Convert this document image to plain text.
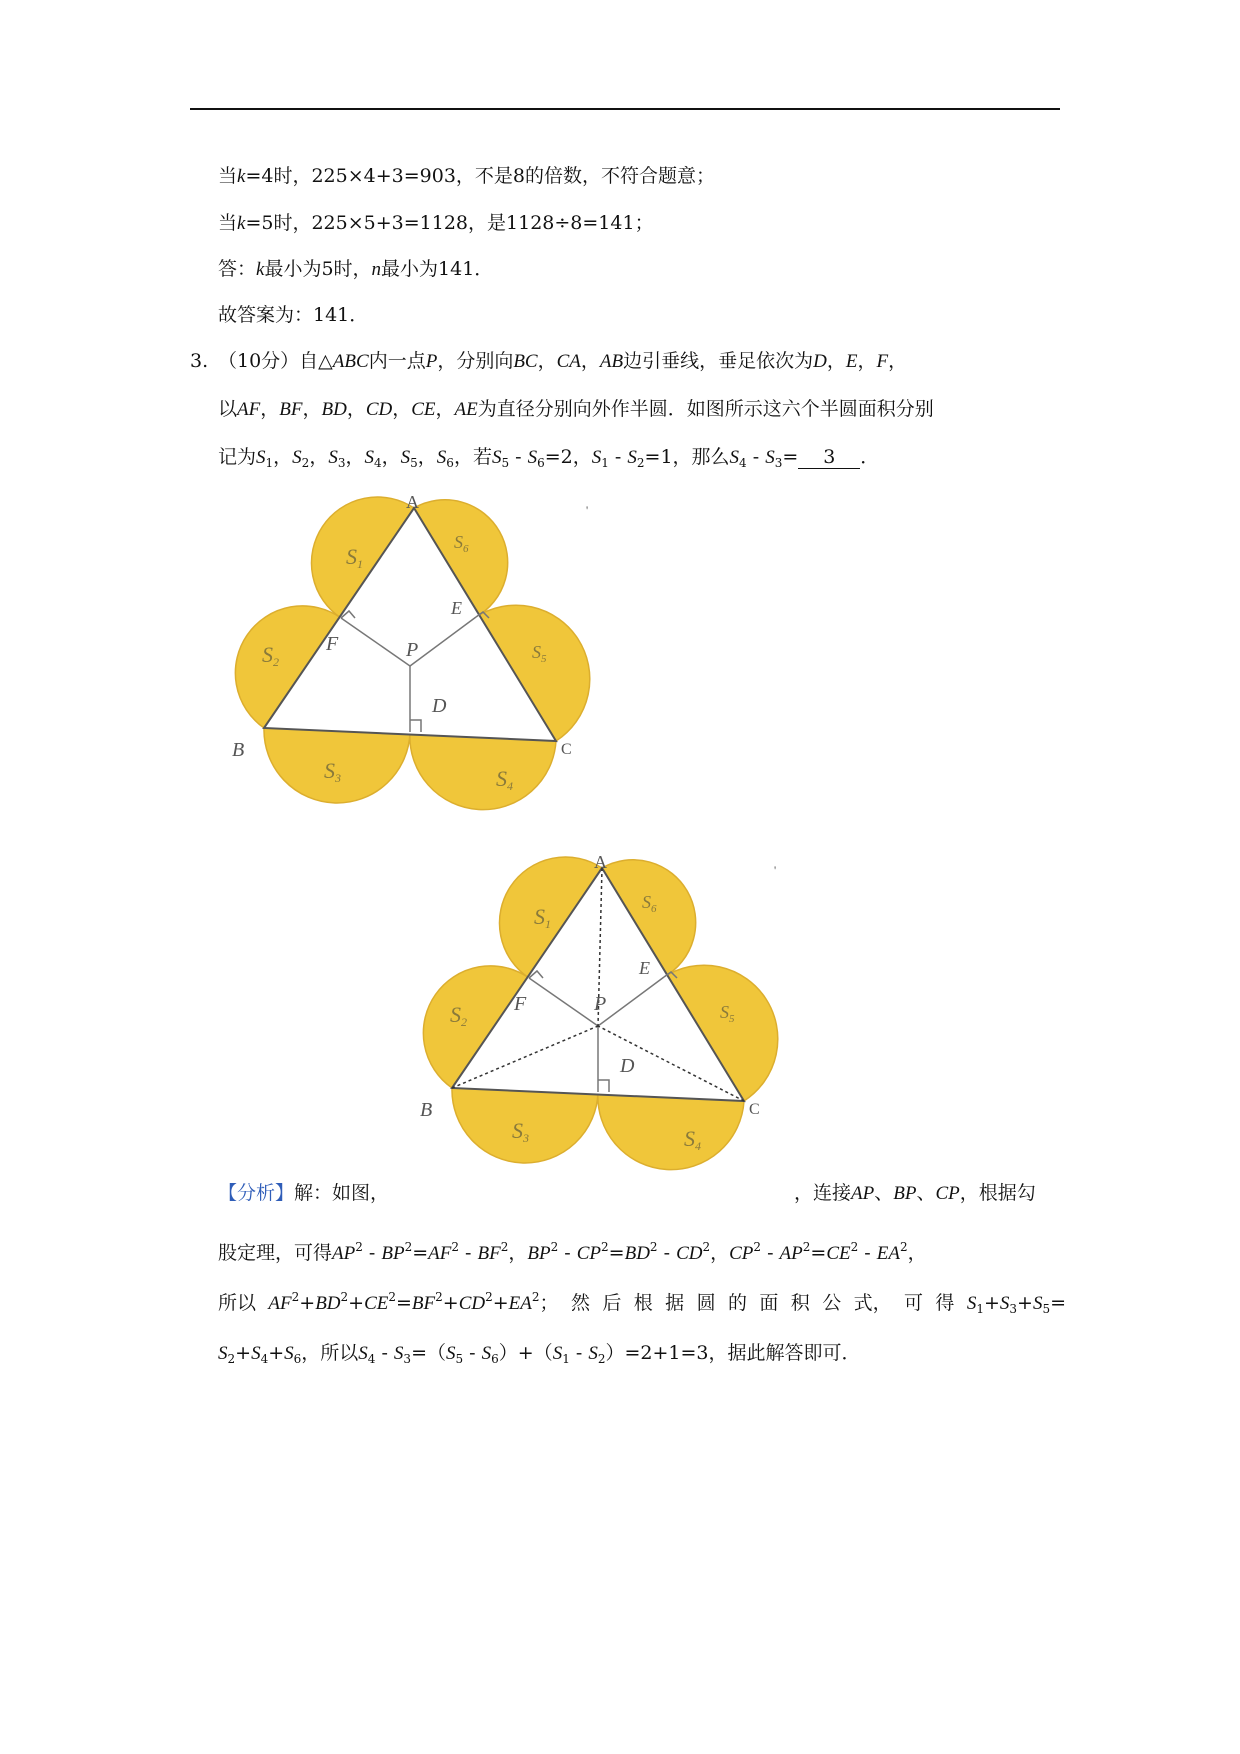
当k=4时，225×4+3=903，不是8的倍数，不符合题意；
当k=5时，225×5+3=1128，是1128÷8=141；
答：k最小为5时，n最小为141．
故答案为：141．
3. （10分）自△ABC内一点P，分别向BC，CA，AB边引垂线，垂足依次为D，E，F，
以AF，BF，BD，CD，CE，AE为直径分别向外作半圆．如图所示这六个半圆面积分别
记为$S_1$，$S_2$，$S_3$，$S_4$，$S_5$，$S_6$，若$S_5 - S_6=2$，$S_1 - S_2=1$，那么$S_4 - S_3= 3$ ．
A
B	C
P
D
E
F
S1
$S_6$
S2	$S_5$
S3	S4
'
A
B	C
P
D
E
F
S1
$S_6$
S2	$S_5$
S3	S4
'
【分析】解：如图，	，连接AP、BP、CP，根据勾
股定理，可得$AP^2 - BP^2=AF^2 - BF^2$，$BP^2 - CP^2=BD^2 - CD^2$，$CP^2 - AP^2=CE^2 - EA^2$，
所以 $AF^2+BD^2+CE^2=BF^2+CD^2+EA^2$； 然 后 根 据 圆 的 面 积 公 式， 可 得 $S_1+S_3+S_5=$
$S_2+S_4+S_6$，所以$S_4 - S_3=(S_5 - S_6)+(S_1 - S_2)=2+1=3$，据此解答即可．
